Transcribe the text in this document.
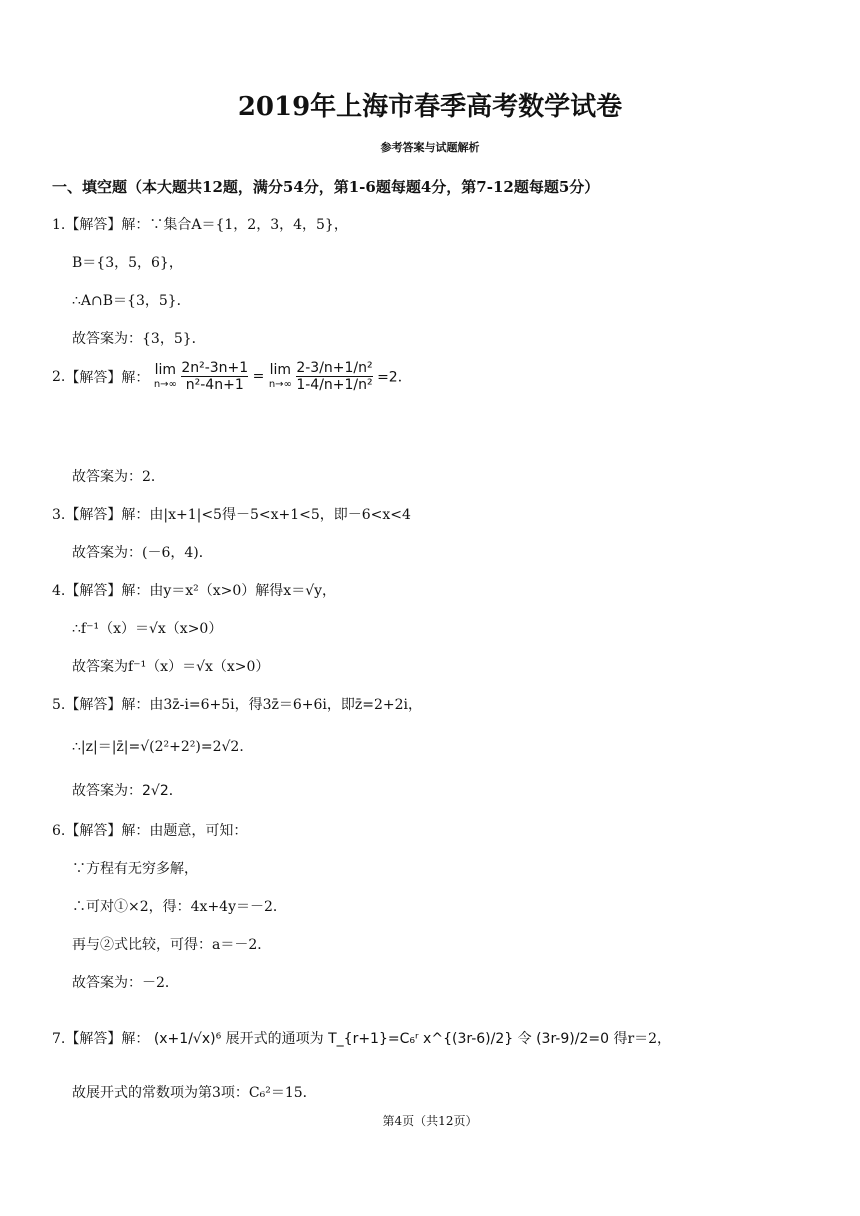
2019年上海市春季高考数学试卷
参考答案与试题解析
一、填空题（本大题共12题，满分54分，第1-6题每题4分，第7-12题每题5分）
1.【解答】解：∵集合A＝{1，2，3，4，5}，
B＝{3，5，6}，
∴A∩B＝{3，5}．
故答案为：{3，5}．
2.【解答】解： lim
n→∞
$\frac{\text{2n²-3n+1}}{\text{n²-4n+1}} = \lim$
n→∞
$\frac{\text{2-3/n+1/n²}}{\text{1-4/n+1/n²}} =2$．
故答案为：2．
3.【解答】解：由|x+1|<5得－5<x+1<5，即－6<x<4
故答案为：(－6，4)．
4.【解答】解：由y＝x²（x>0）解得x＝√y，
∴f⁻¹（x）＝√x（x>0）
故答案为f⁻¹（x）＝√x（x>0）
5.【解答】解：由3z̄-i=6+5i，得3z̄＝6+6i，即z̄=2+2i，
∴|z|＝|z̄|=√(2²+2²)=2√2．
故答案为：2√2．
6.【解答】解：由题意，可知：
∵方程有无穷多解，
∴可对①×2，得：4x+4y＝－2．
再与②式比较，可得：a＝－2．
故答案为：－2．
7.【解答】解： (x+1/√x)⁶ 展开式的通项为 T_{r+1}=C₆ʳ x^{(3r-6)/2} 令 (3r-9)/2=0 得r＝2，
故展开式的常数项为第3项：C₆²＝15．
第4页（共12页）
